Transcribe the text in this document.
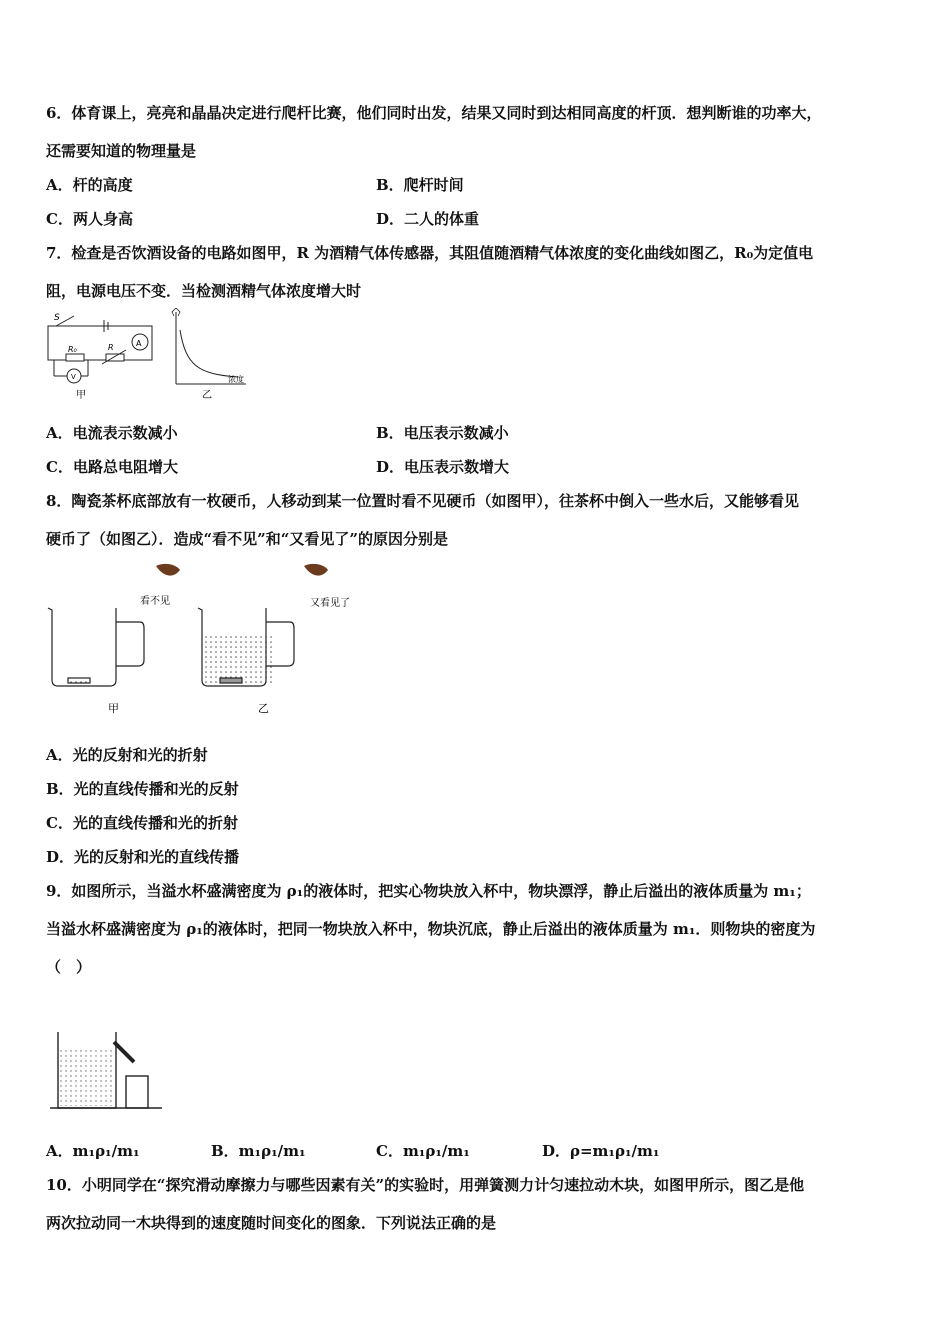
6．体育课上，亮亮和晶晶决定进行爬杆比赛，他们同时出发，结果又同时到达相同高度的杆顶．想判断谁的功率大，
还需要知道的物理量是
A．杆的高度	B．爬杆时间
C．两人身高	D．二人的体重
7．检查是否饮酒设备的电路如图甲，R 为酒精气体传感器，其阻值随酒精气体浓度的变化曲线如图乙，R₀为定值电
阻，电源电压不变．当检测酒精气体浓度增大时
S
R₀	R	A
V
甲
浓度
乙
A．电流表示数减小	B．电压表示数减小
C．电路总电阻增大	D．电压表示数增大
8．陶瓷茶杯底部放有一枚硬币，人移动到某一位置时看不见硬币（如图甲），往茶杯中倒入一些水后，又能够看见
硬币了（如图乙）．造成“看不见”和“又看见了”的原因分别是
看不见	又看见了
甲	乙
A．光的反射和光的折射
B．光的直线传播和光的反射
C．光的直线传播和光的折射
D．光的反射和光的直线传播
9．如图所示，当溢水杯盛满密度为 ρ₁的液体时，把实心物块放入杯中，物块漂浮，静止后溢出的液体质量为 m₁；
当溢水杯盛满密度为 ρ₁的液体时，把同一物块放入杯中，物块沉底，静止后溢出的液体质量为 m₁．则物块的密度为
（　）
A．m₁ρ₁/m₁	B．m₁ρ₁/m₁	C．m₁ρ₁/m₁	D．ρ=m₁ρ₁/m₁
10．小明同学在“探究滑动摩擦力与哪些因素有关”的实验时，用弹簧测力计匀速拉动木块，如图甲所示，图乙是他
两次拉动同一木块得到的速度随时间变化的图象．下列说法正确的是
